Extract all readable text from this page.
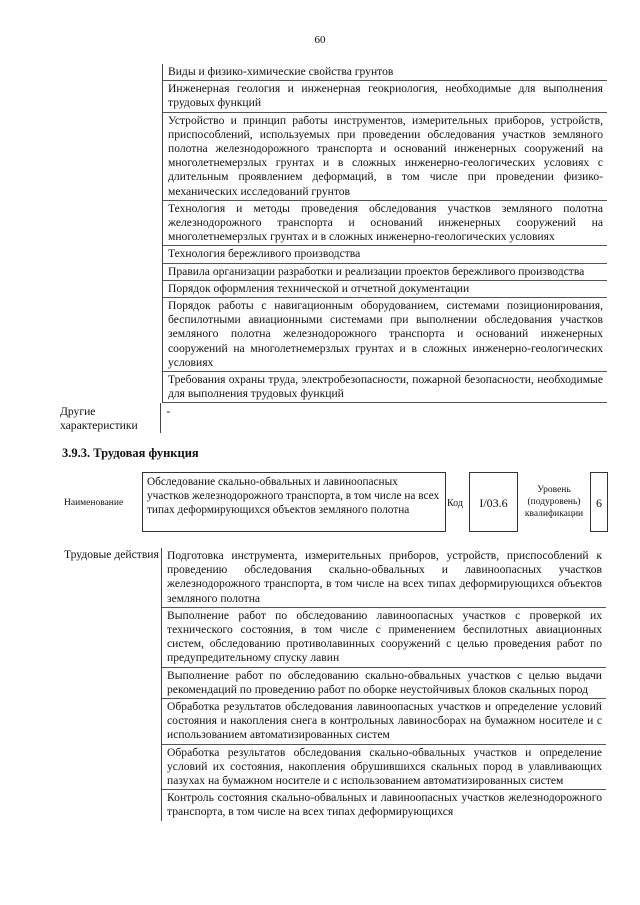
60
Виды и физико-химические свойства грунтов
Инженерная геология и инженерная геокриология, необходимые для выполнения трудовых функций
Устройство и принцип работы инструментов, измерительных приборов, устройств, приспособлений, используемых при проведении обследования участков земляного полотна железнодорожного транспорта и оснований инженерных сооружений на многолетнемерзлых грунтах и в сложных инженерно-геологических условиях с длительным проявлением деформаций, в том числе при проведении физико-механических исследований грунтов
Технология и методы проведения обследования участков земляного полотна железнодорожного транспорта и оснований инженерных сооружений на многолетнемерзлых грунтах и в сложных инженерно-геологических условиях
Технология бережливого производства
Правила организации разработки и реализации проектов бережливого производства
Порядок оформления технической и отчетной документации
Порядок работы с навигационным оборудованием, системами позиционирования, беспилотными авиационными системами при выполнении обследования участков земляного полотна железнодорожного транспорта и оснований инженерных сооружений на многолетнемерзлых грунтах и в сложных инженерно-геологических условиях
Требования охраны труда, электробезопасности, пожарной безопасности, необходимые для выполнения трудовых функций
Другие характеристики
-
3.9.3. Трудовая функция
Наименование
Обследование скально-обвальных и лавиноопасных участков железнодорожного транспорта, в том числе на всех типах деформирующихся объектов земляного полотна
Код	I/03.6
Уровень (подуровень) квалификации
6
Трудовые действия Подготовка инструмента, измерительных приборов, устройств, приспособлений к проведению обследования скально-обвальных и лавиноопасных участков железнодорожного транспорта, в том числе на всех типах деформирующихся объектов земляного полотна
Выполнение работ по обследованию лавиноопасных участков с проверкой их технического состояния, в том числе с применением беспилотных авиационных систем, обследованию противолавинных сооружений с целью проведения работ по предупредительному спуску лавин
Выполнение работ по обследованию скально-обвальных участков с целью выдачи рекомендаций по проведению работ по оборке неустойчивых блоков скальных пород
Обработка результатов обследования лавиноопасных участков и определение условий состояния и накопления снега в контрольных лавиносборах на бумажном носителе и с использованием автоматизированных систем
Обработка результатов обследования скально-обвальных участков и определение условий их состояния, накопления обрушившихся скальных пород в улавливающих пазухах на бумажном носителе и с использованием автоматизированных систем
Контроль состояния скально-обвальных и лавиноопасных участков железнодорожного транспорта, в том числе на всех типах деформирующихся
